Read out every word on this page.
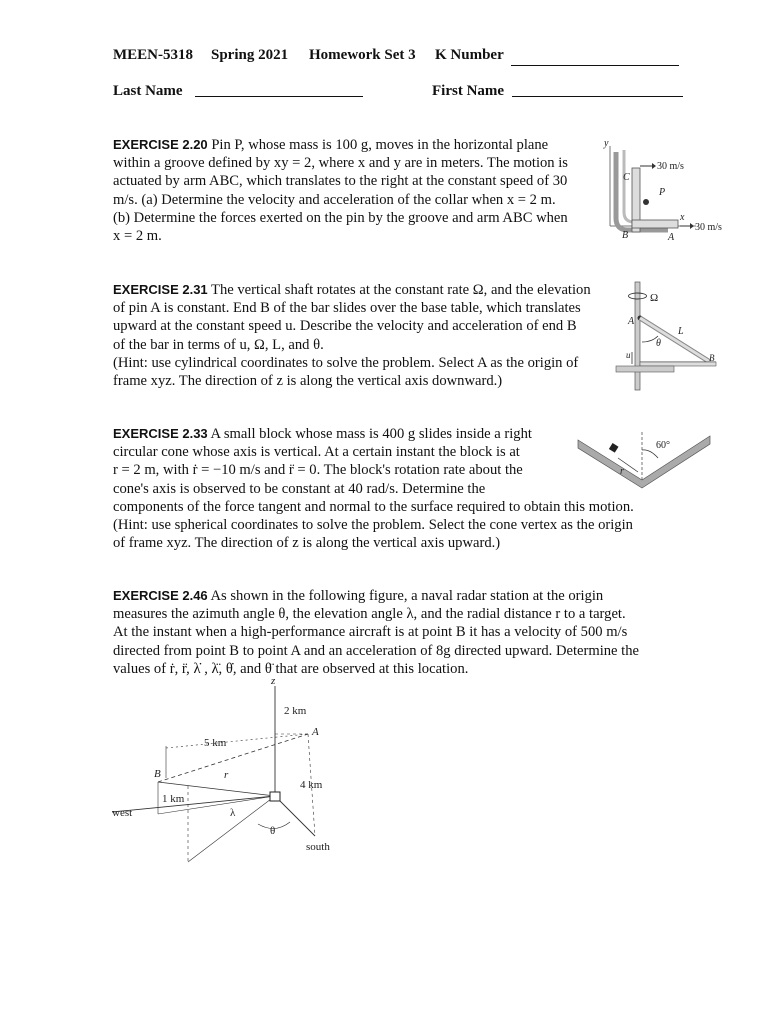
MEEN-5318 Spring 2021 Homework Set 3 K Number
Last Name	First Name
EXERCISE 2.20 Pin P, whose mass is 100 g, moves in the horizontal plane
within a groove defined by xy = 2, where x and y are in meters. The motion is
actuated by arm ABC, which translates to the right at the constant speed of 30
m/s. (a) Determine the velocity and acceleration of the collar when x = 2 m.
(b) Determine the forces exerted on the pin by the groove and arm ABC when
x = 2 m.
y
x
C
P
B	A
30 m/s
30 m/s
EXERCISE 2.31 The vertical shaft rotates at the constant rate Ω, and the elevation
of pin A is constant. End B of the bar slides over the base table, which translates
upward at the constant speed u. Describe the velocity and acceleration of end B
of the bar in terms of u, Ω, L, and θ.
(Hint: use cylindrical coordinates to solve the problem. Select A as the origin of
frame xyz. The direction of z is along the vertical axis downward.)
Ω
A
L
θ
B
u
EXERCISE 2.33 A small block whose mass is 400 g slides inside a right
circular cone whose axis is vertical. At a certain instant the block is at
r = 2 m, with ṙ = −10 m/s and r̈ = 0. The block's rotation rate about the
cone's axis is observed to be constant at 40 rad/s. Determine the
components of the force tangent and normal to the surface required to obtain this motion.
(Hint: use spherical coordinates to solve the problem. Select the cone vertex as the origin
of frame xyz. The direction of z is along the vertical axis upward.)
60°
r
EXERCISE 2.46 As shown in the following figure, a naval radar station at the origin
measures the azimuth angle θ, the elevation angle λ, and the radial distance r to a target.
At the instant when a high-performance aircraft is at point B it has a velocity of 500 m/s
directed from point B to point A and an acceleration of 8g directed upward. Determine the
values of ṙ, r̈, λ̇ , λ̈, θ̇, and θ̈ that are observed at this location.
z
west
south
5 km
2 km
A
4 km
B	r
1 km
λ
θ
